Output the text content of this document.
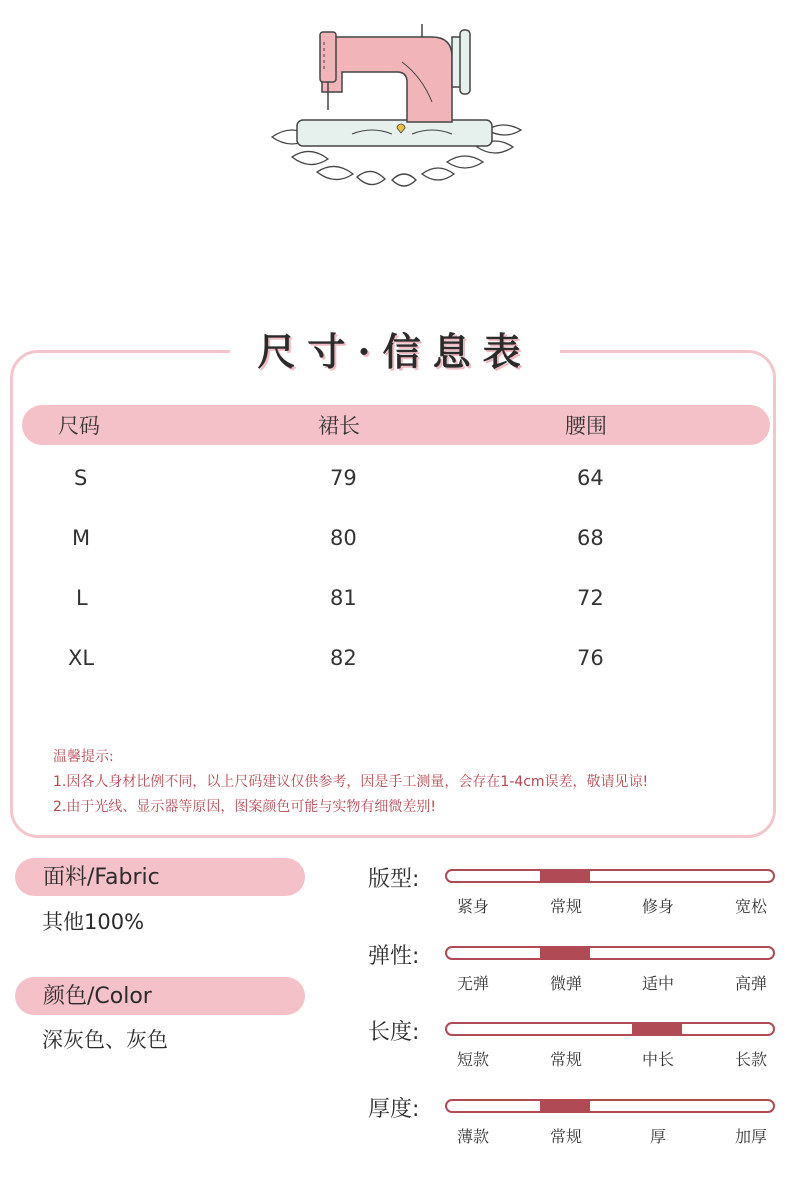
尺寸·信息表
尺码	裙长	腰围
S	79	64
M	80	68
L	81	72
XL	82	76
温馨提示:
1.因各人身材比例不同，以上尺码建议仅供参考，因是手工测量，会存在1-4cm误差，敬请见谅!
2.由于光线、显示器等原因，图案颜色可能与实物有细微差别!
面料/Fabric
其他100%
颜色/Color
深灰色、灰色
版型:
紧身	常规	修身	宽松
弹性:
无弹	微弹	适中	高弹
长度:
短款	常规	中长	长款
厚度:
薄款	常规	厚	加厚
